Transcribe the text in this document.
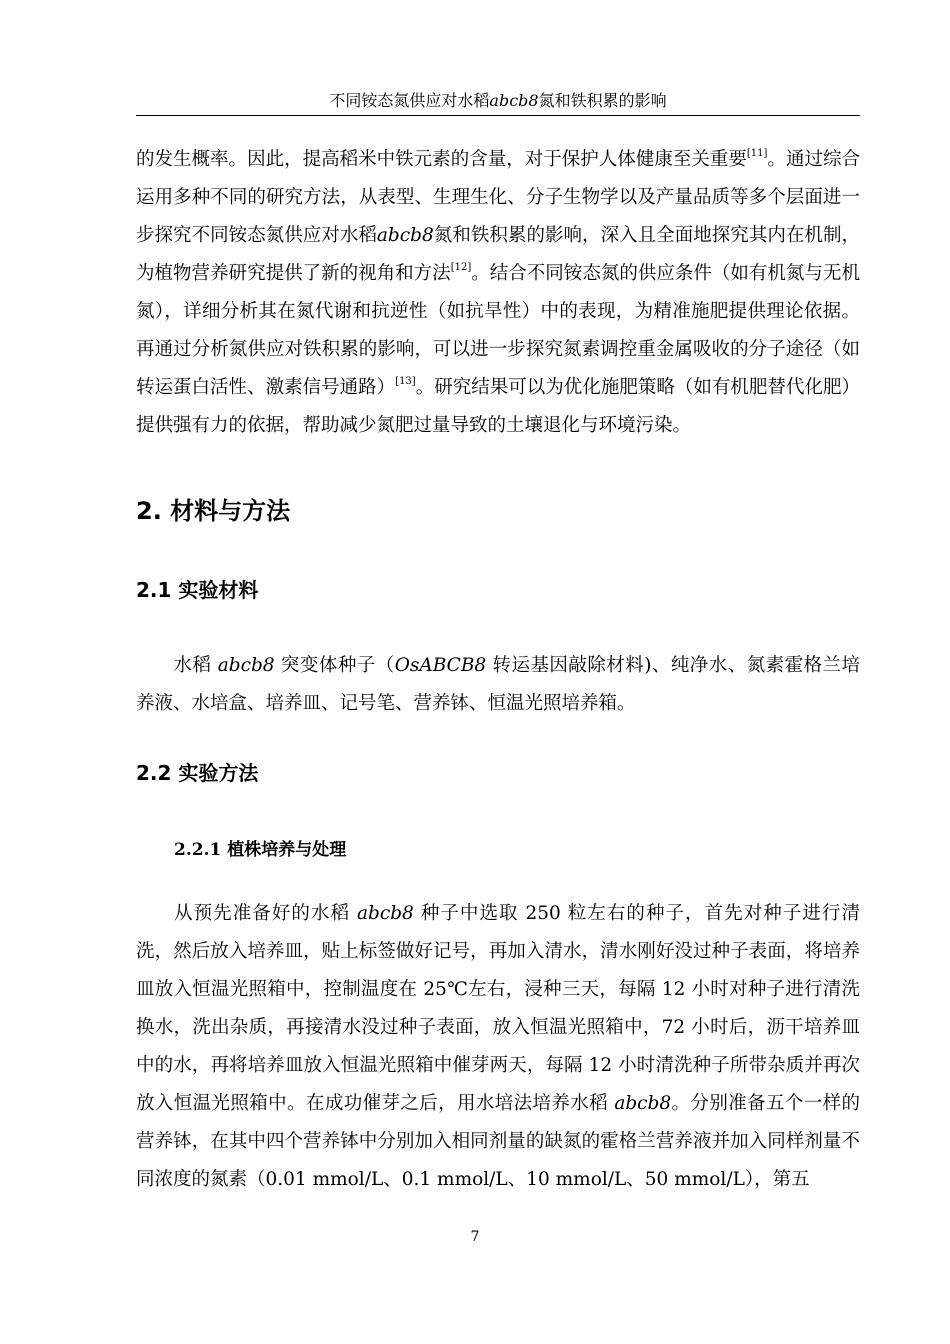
不同铵态氮供应对水稻abcb8氮和铁积累的影响
的发生概率。因此，提高稻米中铁元素的含量，对于保护人体健康至关重要[11]。通过综合运用多种不同的研究方法，从表型、生理生化、分子生物学以及产量品质等多个层面进一步探究不同铵态氮供应对水稻abcb8氮和铁积累的影响，深入且全面地探究其内在机制，为植物营养研究提供了新的视角和方法[12]。结合不同铵态氮的供应条件（如有机氮与无机氮），详细分析其在氮代谢和抗逆性（如抗旱性）中的表现，为精准施肥提供理论依据。再通过分析氮供应对铁积累的影响，可以进一步探究氮素调控重金属吸收的分子途径（如转运蛋白活性、激素信号通路）[13]。研究结果可以为优化施肥策略（如有机肥替代化肥）提供强有力的依据，帮助减少氮肥过量导致的土壤退化与环境污染。
2. 材料与方法
2.1 实验材料
水稻 abcb8 突变体种子（OsABCB8 转运基因敲除材料)、纯净水、氮素霍格兰培养液、水培盒、培养皿、记号笔、营养钵、恒温光照培养箱。
2.2 实验方法
2.2.1 植株培养与处理
从预先准备好的水稻 abcb8 种子中选取 250 粒左右的种子，首先对种子进行清洗，然后放入培养皿，贴上标签做好记号，再加入清水，清水刚好没过种子表面，将培养皿放入恒温光照箱中，控制温度在 25℃左右，浸种三天，每隔 12 小时对种子进行清洗换水，洗出杂质，再接清水没过种子表面，放入恒温光照箱中，72 小时后，沥干培养皿中的水，再将培养皿放入恒温光照箱中催芽两天，每隔 12 小时清洗种子所带杂质并再次放入恒温光照箱中。在成功催芽之后，用水培法培养水稻 abcb8。分别准备五个一样的营养钵，在其中四个营养钵中分别加入相同剂量的缺氮的霍格兰营养液并加入同样剂量不同浓度的氮素（0.01 mmol/L、0.1 mmol/L、10 mmol/L、50 mmol/L），第五
7
